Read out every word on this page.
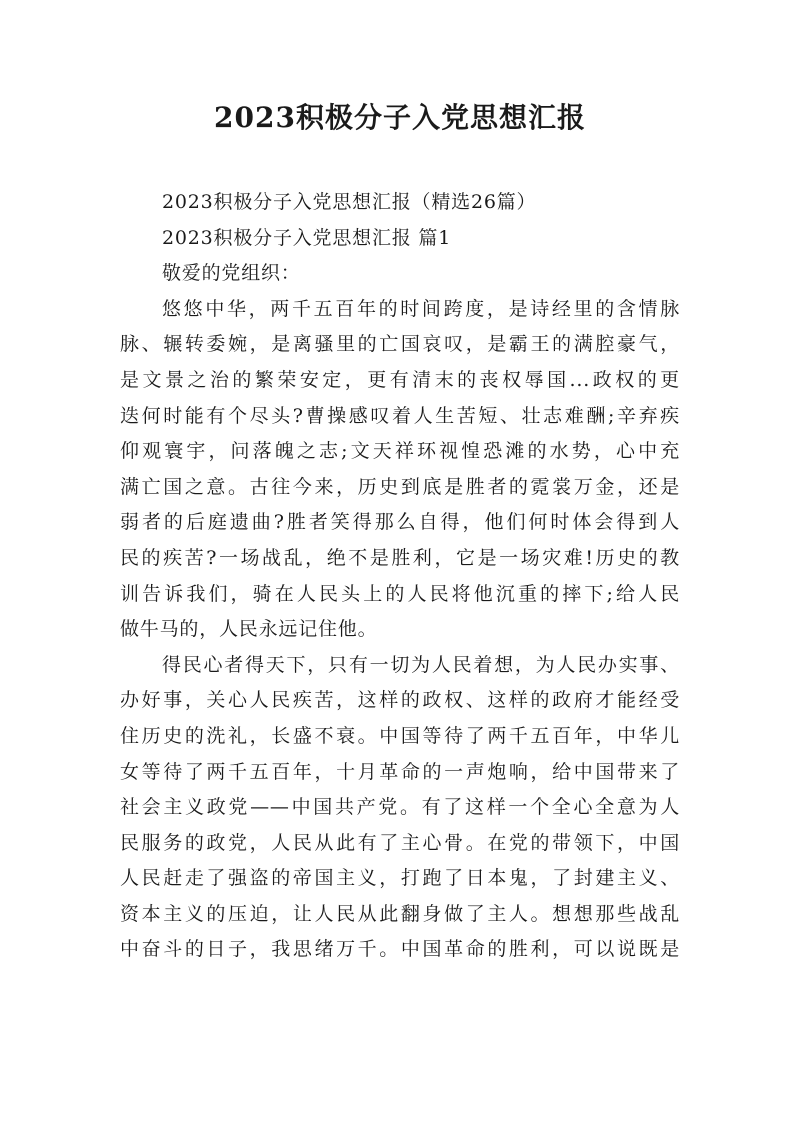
2023积极分子入党思想汇报

2023积极分子入党思想汇报（精选26篇）

2023积极分子入党思想汇报 篇1

敬爱的党组织：

悠悠中华，两千五百年的时间跨度，是诗经里的含情脉

脉、辗转委婉，是离骚里的亡国哀叹，是霸王的满腔豪气，

是文景之治的繁荣安定，更有清末的丧权辱国...政权的更

迭何时能有个尽头?曹操感叹着人生苦短、壮志难酬;辛弃疾

仰观寰宇，问落魄之志;文天祥环视惶恐滩的水势，心中充

满亡国之意。古往今来，历史到底是胜者的霓裳万金，还是

弱者的后庭遗曲?胜者笑得那么自得，他们何时体会得到人

民的疾苦?一场战乱，绝不是胜利，它是一场灾难!历史的教

训告诉我们，骑在人民头上的人民将他沉重的摔下;给人民

做牛马的，人民永远记住他。

得民心者得天下，只有一切为人民着想，为人民办实事、

办好事，关心人民疾苦，这样的政权、这样的政府才能经受

住历史的洗礼，长盛不衰。中国等待了两千五百年，中华儿

女等待了两千五百年，十月革命的一声炮响，给中国带来了

社会主义政党——中国共产党。有了这样一个全心全意为人

民服务的政党，人民从此有了主心骨。在党的带领下，中国

人民赶走了强盗的帝国主义，打跑了日本鬼，了封建主义、

资本主义的压迫，让人民从此翻身做了主人。想想那些战乱

中奋斗的日子，我思绪万千。中国革命的胜利，可以说既是
